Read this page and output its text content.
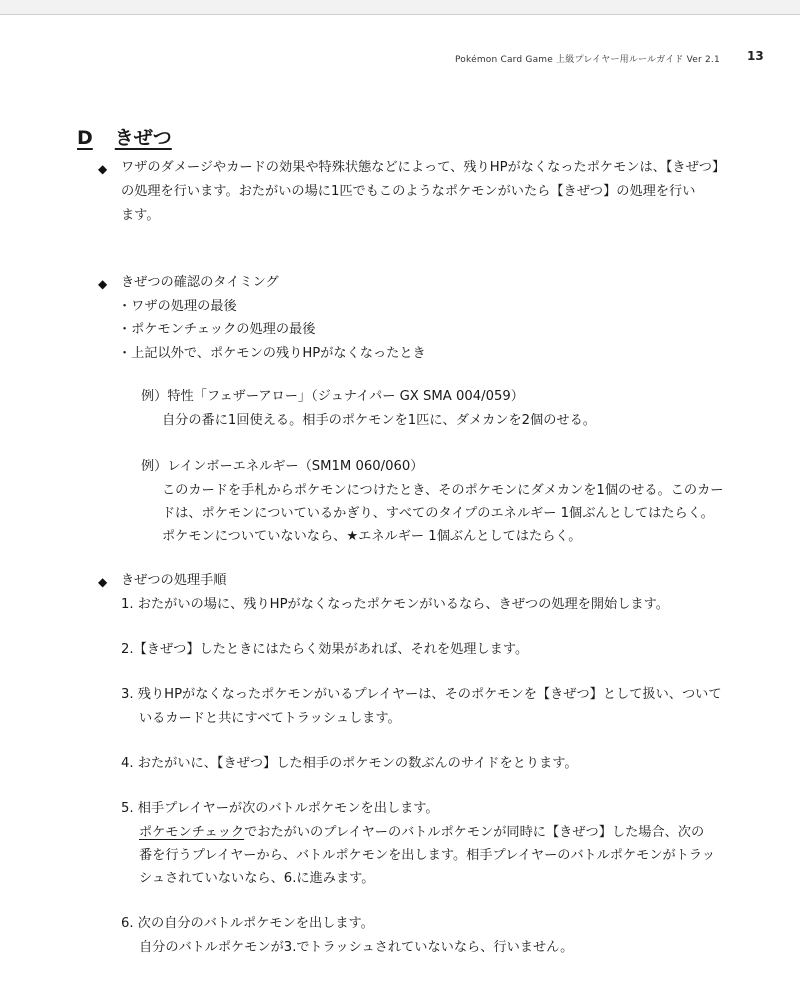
Pokémon Card Game 上級プレイヤー用ルールガイド Ver 2.1 13
D きぜつ
◆ ワザのダメージやカードの効果や特殊状態などによって、残りHPがなくなったポケモンは、【きぜつ】
の処理を行います。おたがいの場に1匹でもこのようなポケモンがいたら【きぜつ】の処理を行い
ます。
◆ きぜつの確認のタイミング
・ワザの処理の最後
・ポケモンチェックの処理の最後
・上記以外で、ポケモンの残りHPがなくなったとき
例）特性「フェザーアロー」（ジュナイパー GX SMA 004/059）
自分の番に1回使える。相手のポケモンを1匹に、ダメカンを2個のせる。
例）レインボーエネルギー（SM1M 060/060）
このカードを手札からポケモンにつけたとき、そのポケモンにダメカンを1個のせる。このカー
ドは、ポケモンについているかぎり、すべてのタイプのエネルギー 1個ぶんとしてはたらく。
ポケモンについていないなら、★エネルギー 1個ぶんとしてはたらく。
◆ きぜつの処理手順
1. おたがいの場に、残りHPがなくなったポケモンがいるなら、きぜつの処理を開始します。
2.【きぜつ】したときにはたらく効果があれば、それを処理します。
3. 残りHPがなくなったポケモンがいるプレイヤーは、そのポケモンを【きぜつ】として扱い、ついて
いるカードと共にすべてトラッシュします。
4. おたがいに、【きぜつ】した相手のポケモンの数ぶんのサイドをとります。
5. 相手プレイヤーが次のバトルポケモンを出します。
ポケモンチェックでおたがいのプレイヤーのバトルポケモンが同時に【きぜつ】した場合、次の
番を行うプレイヤーから、バトルポケモンを出します。相手プレイヤーのバトルポケモンがトラッ
シュされていないなら、6.に進みます。
6. 次の自分のバトルポケモンを出します。
自分のバトルポケモンが3.でトラッシュされていないなら、行いません。
